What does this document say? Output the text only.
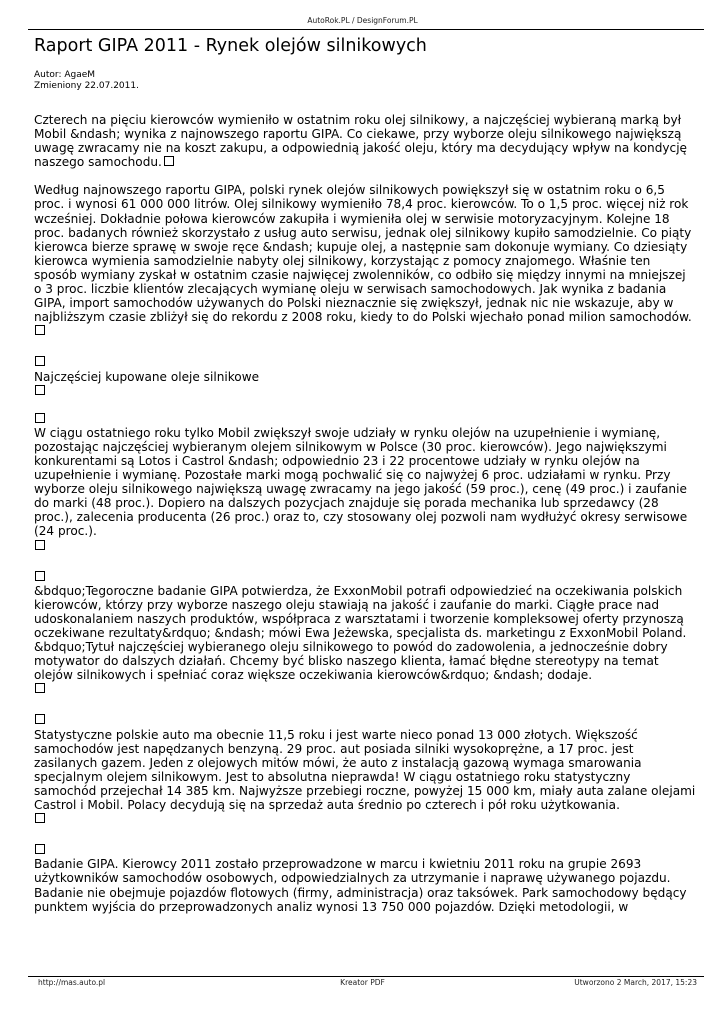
AutoRok.PL / DesignForum.PL
Raport GIPA 2011 - Rynek olejów silnikowych
Autor: AgaeM
Zmieniony 22.07.2011.

Czterech na pięciu kierowców wymieniło w ostatnim roku olej silnikowy, a najczęściej wybieraną marką był Mobil &ndash; wynika z najnowszego raportu GIPA. Co ciekawe, przy wyborze oleju silnikowego największą uwagę zwracamy nie na koszt zakupu, a odpowiednią jakość oleju, który ma decydujący wpływ na kondycję naszego samochodu.

Według najnowszego raportu GIPA, polski rynek olejów silnikowych powiększył się w ostatnim roku o 6,5 proc. i wynosi 61 000 000 litrów. Olej silnikowy wymieniło 78,4 proc. kierowców. To o 1,5 proc. więcej niż rok wcześniej. Dokładnie połowa kierowców zakupiła i wymieniła olej w serwisie motoryzacyjnym. Kolejne 18 proc. badanych również skorzystało z usług auto serwisu, jednak olej silnikowy kupiło samodzielnie. Co piąty kierowca bierze sprawę w swoje ręce &ndash; kupuje olej, a następnie sam dokonuje wymiany. Co dziesiąty kierowca wymienia samodzielnie nabyty olej silnikowy, korzystając z pomocy znajomego. Właśnie ten sposób wymiany zyskał w ostatnim czasie najwięcej zwolenników, co odbiło się między innymi na mniejszej o 3 proc. liczbie klientów zlecających wymianę oleju w serwisach samochodowych. Jak wynika z badania GIPA, import samochodów używanych do Polski nieznacznie się zwiększył, jednak nic nie wskazuje, aby w najbliższym czasie zbliżył się do rekordu z 2008 roku, kiedy to do Polski wjechało ponad milion samochodów.

Najczęściej kupowane oleje silnikowe

W ciągu ostatniego roku tylko Mobil zwiększył swoje udziały w rynku olejów na uzupełnienie i wymianę, pozostając najczęściej wybieranym olejem silnikowym w Polsce (30 proc. kierowców). Jego największymi konkurentami są Lotos i Castrol &ndash; odpowiednio 23 i 22 procentowe udziały w rynku olejów na uzupełnienie i wymianę. Pozostałe marki mogą pochwalić się co najwyżej 6 proc. udziałami w rynku. Przy wyborze oleju silnikowego największą uwagę zwracamy na jego jakość (59 proc.), cenę (49 proc.) i zaufanie do marki (48 proc.). Dopiero na dalszych pozycjach znajduje się porada mechanika lub sprzedawcy (28 proc.), zalecenia producenta (26 proc.) oraz to, czy stosowany olej pozwoli nam wydłużyć okresy serwisowe (24 proc.).

&bdquo;Tegoroczne badanie GIPA potwierdza, że ExxonMobil potrafi odpowiedzieć na oczekiwania polskich kierowców, którzy przy wyborze naszego oleju stawiają na jakość i zaufanie do marki. Ciągłe prace nad udoskonalaniem naszych produktów, współpraca z warsztatami i tworzenie kompleksowej oferty przynoszą oczekiwane rezultaty&rdquo; &ndash; mówi Ewa Jeżewska, specjalista ds. marketingu z ExxonMobil Poland. &bdquo;Tytuł najczęściej wybieranego oleju silnikowego to powód do zadowolenia, a jednocześnie dobry motywator do dalszych działań. Chcemy być blisko naszego klienta, łamać błędne stereotypy na temat olejów silnikowych i spełniać coraz większe oczekiwania kierowców&rdquo; &ndash; dodaje.

Statystyczne polskie auto ma obecnie 11,5 roku i jest warte nieco ponad 13 000 złotych. Większość samochodów jest napędzanych benzyną. 29 proc. aut posiada silniki wysokoprężne, a 17 proc. jest zasilanych gazem. Jeden z olejowych mitów mówi, że auto z instalacją gazową wymaga smarowania specjalnym olejem silnikowym. Jest to absolutna nieprawda! W ciągu ostatniego roku statystyczny samochód przejechał 14 385 km. Najwyższe przebiegi roczne, powyżej 15 000 km, miały auta zalane olejami Castrol i Mobil. Polacy decydują się na sprzedaż auta średnio po czterech i pół roku użytkowania.

Badanie GIPA. Kierowcy 2011 zostało przeprowadzone w marcu i kwietniu 2011 roku na grupie 2693 użytkowników samochodów osobowych, odpowiedzialnych za utrzymanie i naprawę używanego pojazdu. Badanie nie obejmuje pojazdów flotowych (firmy, administracja) oraz taksówek. Park samochodowy będący punktem wyjścia do przeprowadzonych analiz wynosi 13 750 000 pojazdów. Dzięki metodologii, w

http://mas.auto.pl	Kreator PDF	Utworzono 2 March, 2017, 15:23
